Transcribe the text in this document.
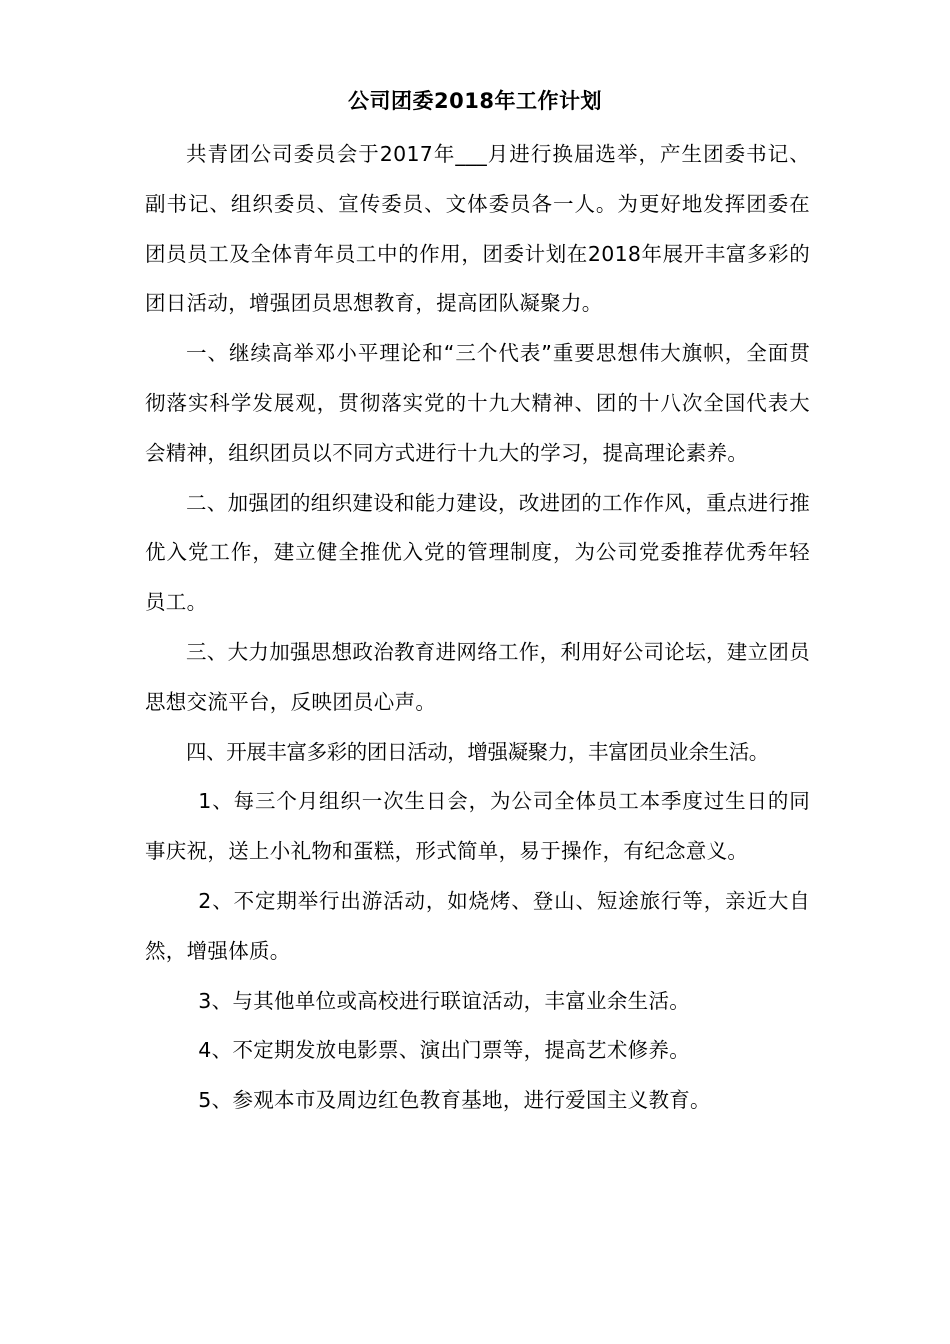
公司团委2018年工作计划

共青团公司委员会于2017年___月进行换届选举，产生团委书记、副书记、组织委员、宣传委员、文体委员各一人。为更好地发挥团委在团员员工及全体青年员工中的作用，团委计划在2018年展开丰富多彩的团日活动，增强团员思想教育，提高团队凝聚力。

一、继续高举邓小平理论和“三个代表”重要思想伟大旗帜，全面贯彻落实科学发展观，贯彻落实党的十九大精神、团的十八次全国代表大会精神，组织团员以不同方式进行十九大的学习，提高理论素养。

二、加强团的组织建设和能力建设，改进团的工作作风，重点进行推优入党工作，建立健全推优入党的管理制度，为公司党委推荐优秀年轻员工。

三、大力加强思想政治教育进网络工作，利用好公司论坛，建立团员思想交流平台，反映团员心声。

四、开展丰富多彩的团日活动，增强凝聚力，丰富团员业余生活。

1、每三个月组织一次生日会，为公司全体员工本季度过生日的同事庆祝，送上小礼物和蛋糕，形式简单，易于操作，有纪念意义。

2、不定期举行出游活动，如烧烤、登山、短途旅行等，亲近大自然，增强体质。

3、与其他单位或高校进行联谊活动，丰富业余生活。

4、不定期发放电影票、演出门票等，提高艺术修养。

5、参观本市及周边红色教育基地，进行爱国主义教育。
